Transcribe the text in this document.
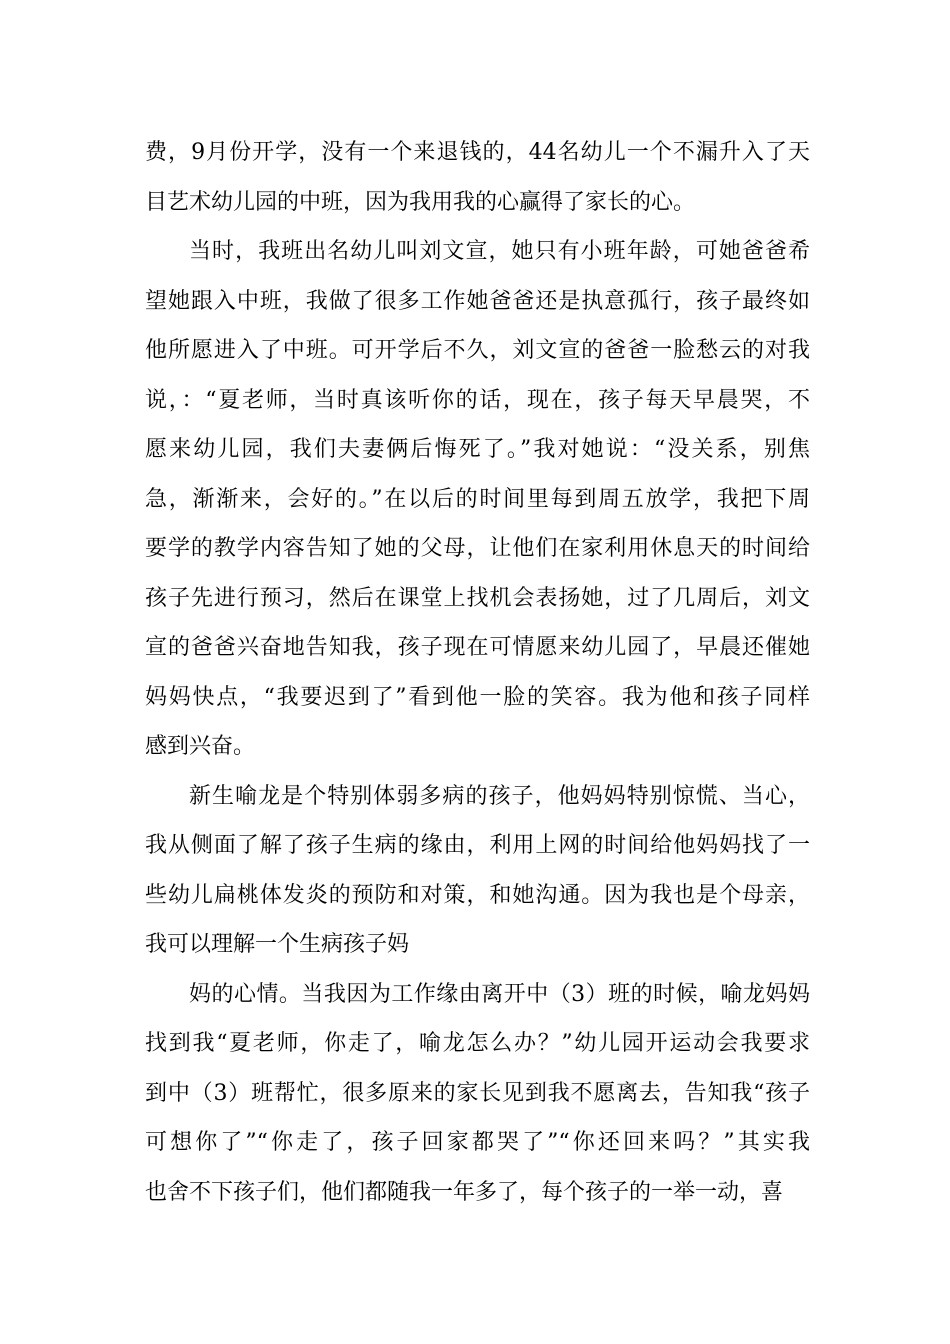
费，9月份开学，没有一个来退钱的，44名幼儿一个不漏升入了天
目艺术幼儿园的中班，因为我用我的心赢得了家长的心。
当时，我班出名幼儿叫刘文宣，她只有小班年龄，可她爸爸希
望她跟入中班，我做了很多工作她爸爸还是执意孤行，孩子最终如
他所愿进入了中班。可开学后不久，刘文宣的爸爸一脸愁云的对我
说，：“夏老师，当时真该听你的话，现在，孩子每天早晨哭，不
愿来幼儿园，我们夫妻俩后悔死了。”我对她说：“没关系，别焦
急，渐渐来，会好的。”在以后的时间里每到周五放学，我把下周
要学的教学内容告知了她的父母，让他们在家利用休息天的时间给
孩子先进行预习，然后在课堂上找机会表扬她，过了几周后，刘文
宣的爸爸兴奋地告知我，孩子现在可情愿来幼儿园了，早晨还催她
妈妈快点，“我要迟到了”看到他一脸的笑容。我为他和孩子同样
感到兴奋。
新生喻龙是个特别体弱多病的孩子，他妈妈特别惊慌、当心，
我从侧面了解了孩子生病的缘由，利用上网的时间给他妈妈找了一
些幼儿扁桃体发炎的预防和对策，和她沟通。因为我也是个母亲，
我可以理解一个生病孩子妈
妈的心情。当我因为工作缘由离开中（3）班的时候，喻龙妈妈
找到我“夏老师，你走了，喻龙怎么办？”幼儿园开运动会我要求
到中（3）班帮忙，很多原来的家长见到我不愿离去，告知我“孩子
可想你了”“你走了，孩子回家都哭了”“你还回来吗？”其实我
也舍不下孩子们，他们都随我一年多了，每个孩子的一举一动，喜
